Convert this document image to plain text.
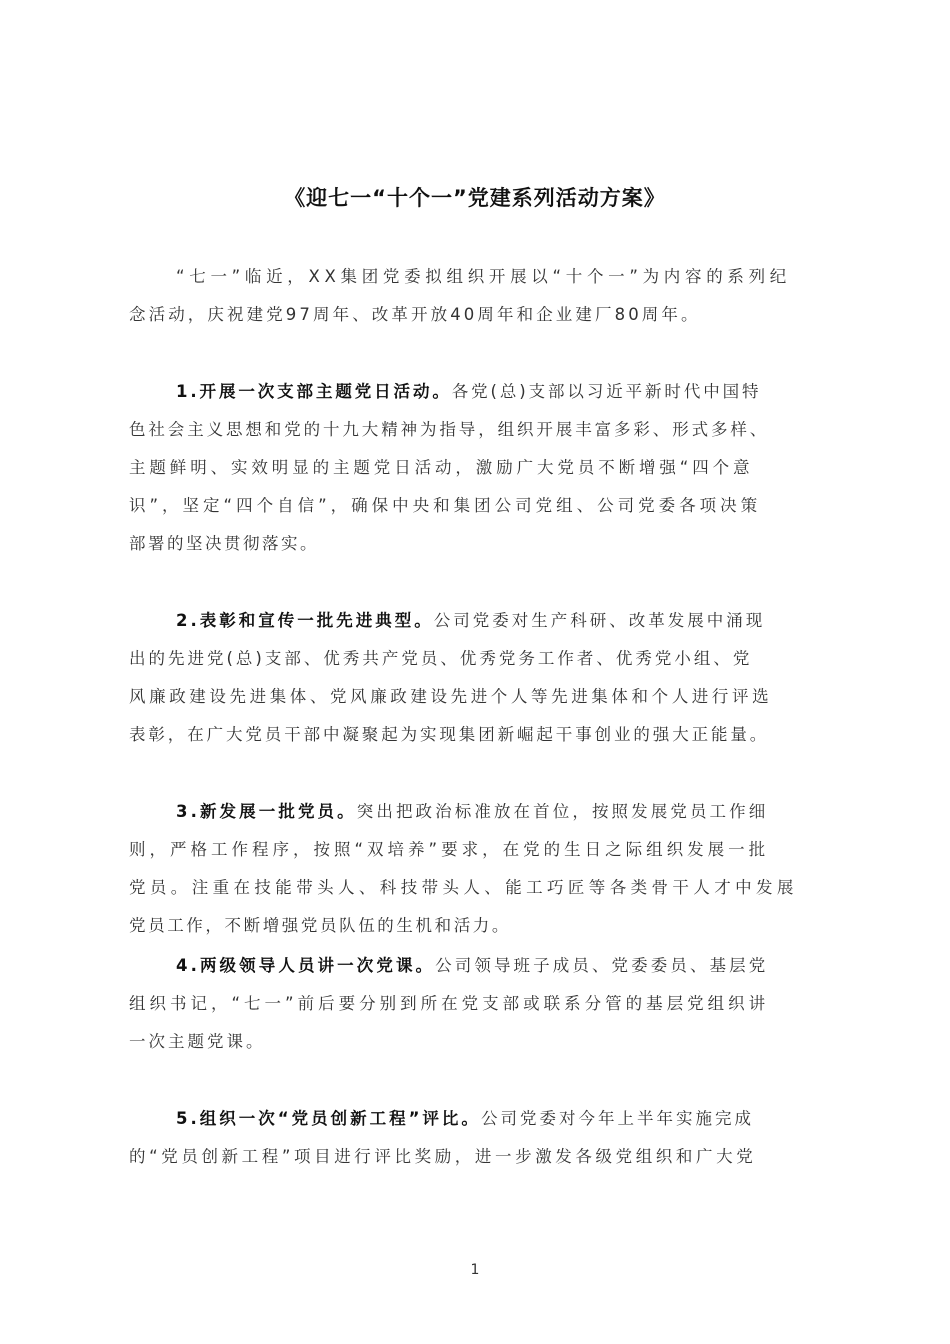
《迎七一“十个一”党建系列活动方案》
“七一”临近，XX集团党委拟组织开展以“十个一”为内容的系列纪
念活动，庆祝建党97周年、改革开放40周年和企业建厂80周年。
1.开展一次支部主题党日活动。各党(总)支部以习近平新时代中国特
色社会主义思想和党的十九大精神为指导，组织开展丰富多彩、形式多样、
主题鲜明、实效明显的主题党日活动，激励广大党员不断增强“四个意
识”，坚定“四个自信”，确保中央和集团公司党组、公司党委各项决策
部署的坚决贯彻落实。
2.表彰和宣传一批先进典型。公司党委对生产科研、改革发展中涌现
出的先进党(总)支部、优秀共产党员、优秀党务工作者、优秀党小组、党
风廉政建设先进集体、党风廉政建设先进个人等先进集体和个人进行评选
表彰，在广大党员干部中凝聚起为实现集团新崛起干事创业的强大正能量。
3.新发展一批党员。突出把政治标准放在首位，按照发展党员工作细
则，严格工作程序，按照“双培养”要求，在党的生日之际组织发展一批
党员。注重在技能带头人、科技带头人、能工巧匠等各类骨干人才中发展
党员工作，不断增强党员队伍的生机和活力。
4.两级领导人员讲一次党课。公司领导班子成员、党委委员、基层党
组织书记，“七一”前后要分别到所在党支部或联系分管的基层党组织讲
一次主题党课。
5.组织一次“党员创新工程”评比。公司党委对今年上半年实施完成
的“党员创新工程”项目进行评比奖励，进一步激发各级党组织和广大党
1
